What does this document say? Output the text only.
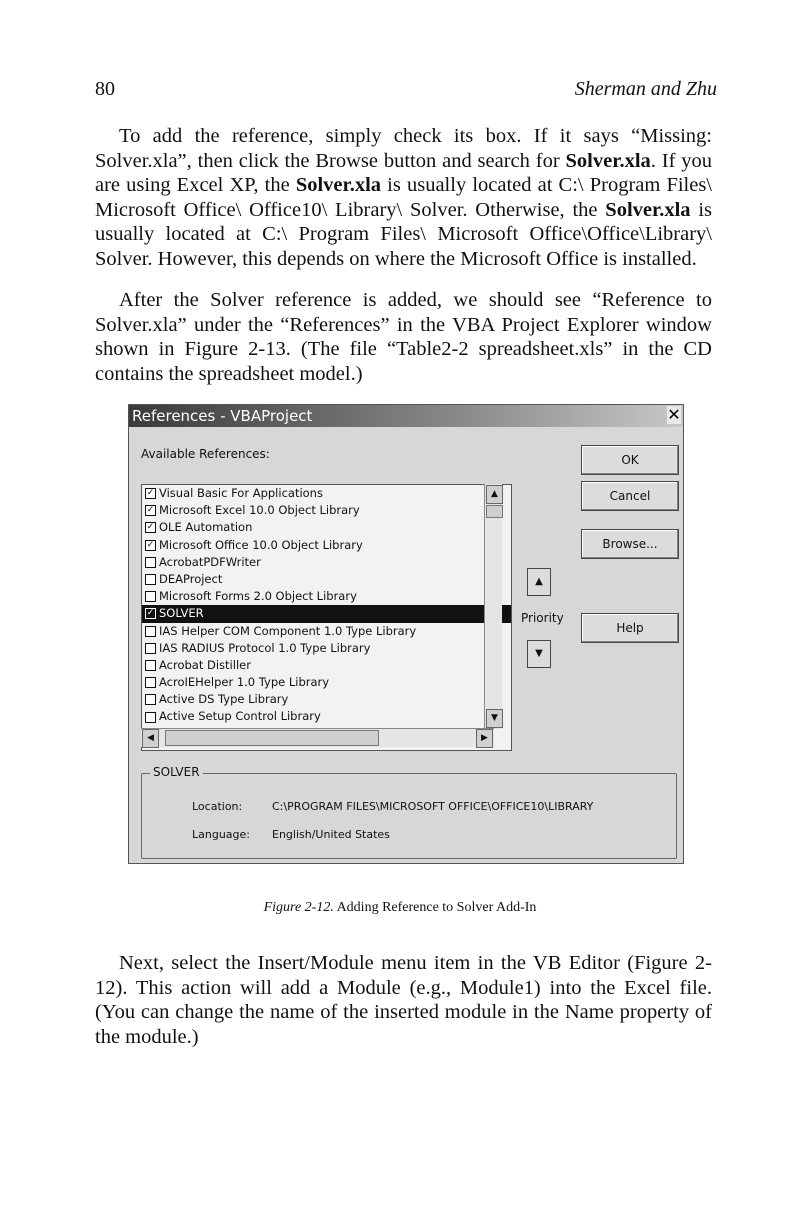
80	Sherman and Zhu

To add the reference, simply check its box. If it says “Missing: Solver.xla”, then click the Browse button and search for Solver.xla. If you are using Excel XP, the Solver.xla is usually located at C:\ Program Files\ Microsoft Office\ Office10\ Library\ Solver. Otherwise, the Solver.xla is usually located at C:\ Program Files\ Microsoft Office\Office\Library\ Solver. However, this depends on where the Microsoft Office is installed.

After the Solver reference is added, we should see “Reference to Solver.xla” under the “References” in the VBA Project Explorer window shown in Figure 2-13. (The file “Table2-2 spreadsheet.xls” in the CD contains the spreadsheet model.)

References - VBAProject	✕
Available References:
✓ Visual Basic For Applications
✓ Microsoft Excel 10.0 Object Library
✓ OLE Automation
✓ Microsoft Office 10.0 Object Library
AcrobatPDFWriter
DEAProject
Microsoft Forms 2.0 Object Library
✓ SOLVER
IAS Helper COM Component 1.0 Type Library
IAS RADIUS Protocol 1.0 Type Library
Acrobat Distiller
AcroIEHelper 1.0 Type Library
Active DS Type Library
Active Setup Control Library
▲
▼
◀	▶
OK
Cancel
Browse...
▲
Priority
▼
Help
SOLVER
Location:	C:\PROGRAM FILES\MICROSOFT OFFICE\OFFICE10\LIBRARY
Language: English/United States
Figure 2-12. Adding Reference to Solver Add-In

Next, select the Insert/Module menu item in the VB Editor (Figure 2-12). This action will add a Module (e.g., Module1) into the Excel file. (You can change the name of the inserted module in the Name property of the module.)
